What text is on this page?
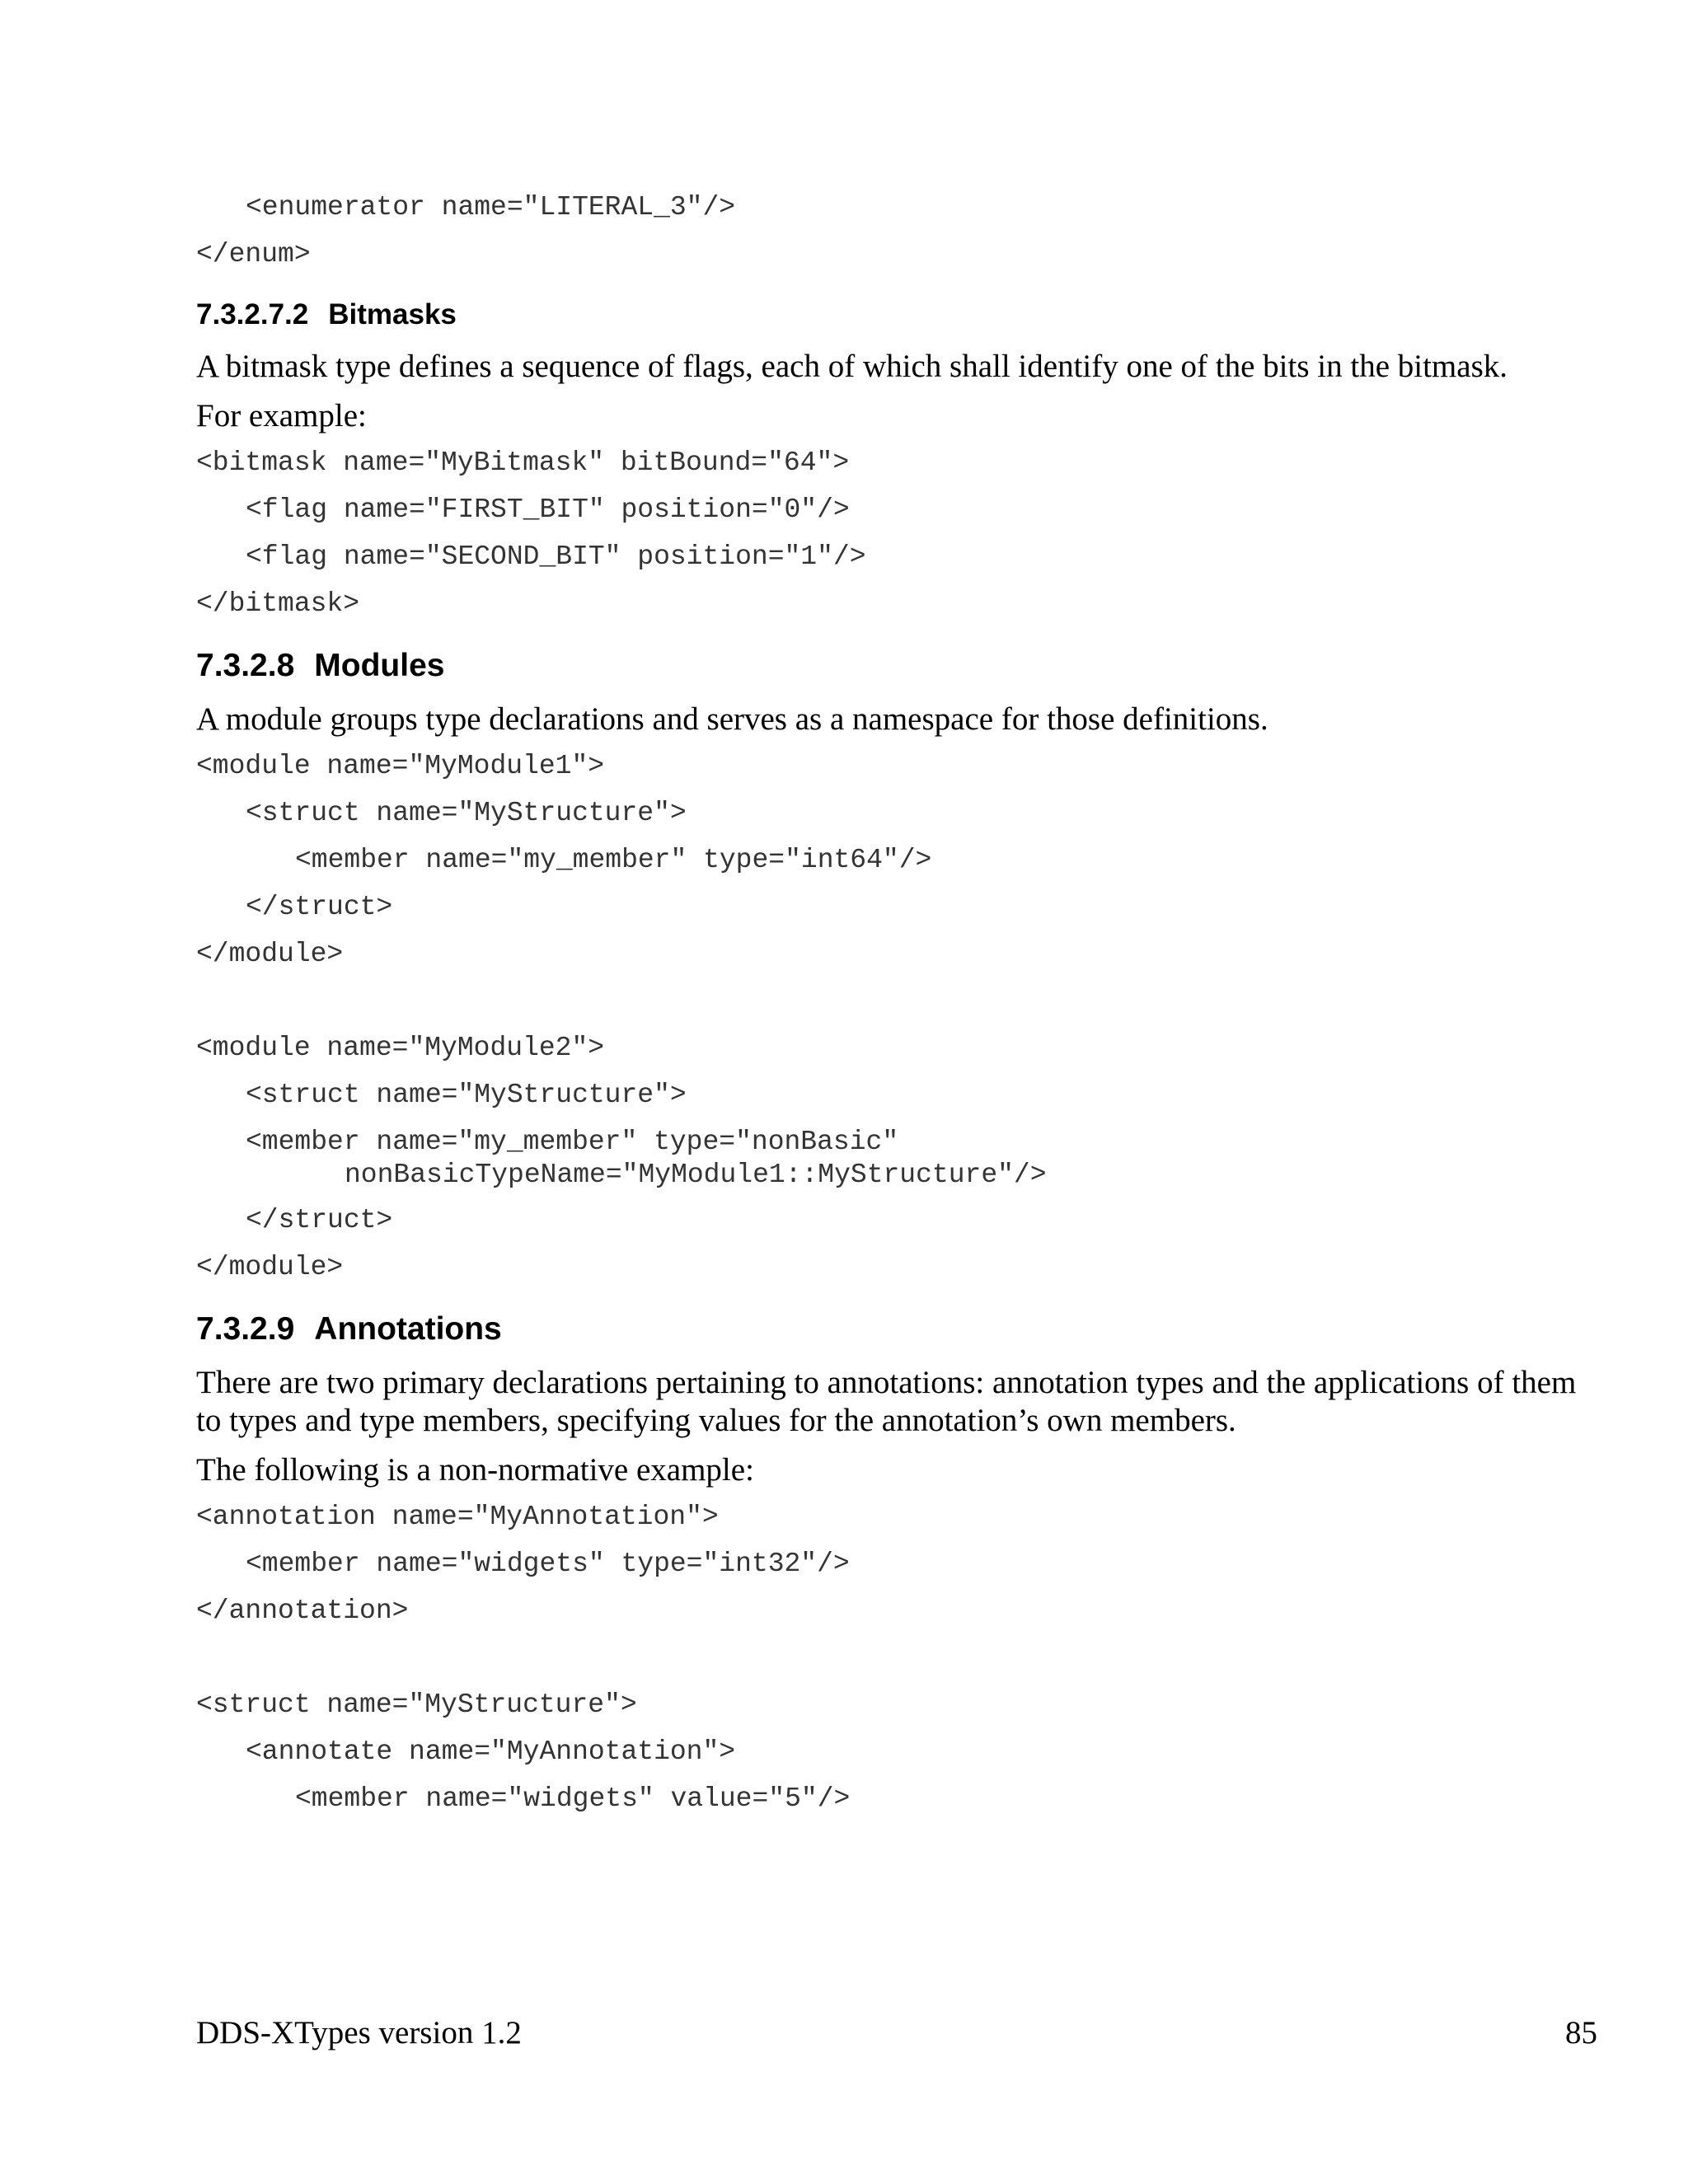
<enumerator name="LITERAL_3"/>
</enum>
7.3.2.7.2 Bitmasks

A bitmask type defines a sequence of flags, each of which shall identify one of the bits in the bitmask.

For example:

<bitmask name="MyBitmask" bitBound="64">
<flag name="FIRST_BIT" position="0"/>
<flag name="SECOND_BIT" position="1"/>
</bitmask>
7.3.2.8 Modules

A module groups type declarations and serves as a namespace for those definitions.

<module name="MyModule1">
<struct name="MyStructure">
<member name="my_member" type="int64"/>
</struct>
</module>
<module name="MyModule2">
<struct name="MyStructure">
<member name="my_member" type="nonBasic"
nonBasicTypeName="MyModule1::MyStructure"/>
</struct>
</module>
7.3.2.9 Annotations

There are two primary declarations pertaining to annotations: annotation types and the applications of them to types and type members, specifying values for the annotation’s own members.

The following is a non-normative example:

<annotation name="MyAnnotation">
<member name="widgets" type="int32"/>
</annotation>
<struct name="MyStructure">
<annotate name="MyAnnotation">
<member name="widgets" value="5"/>
DDS-XTypes version 1.2	85
